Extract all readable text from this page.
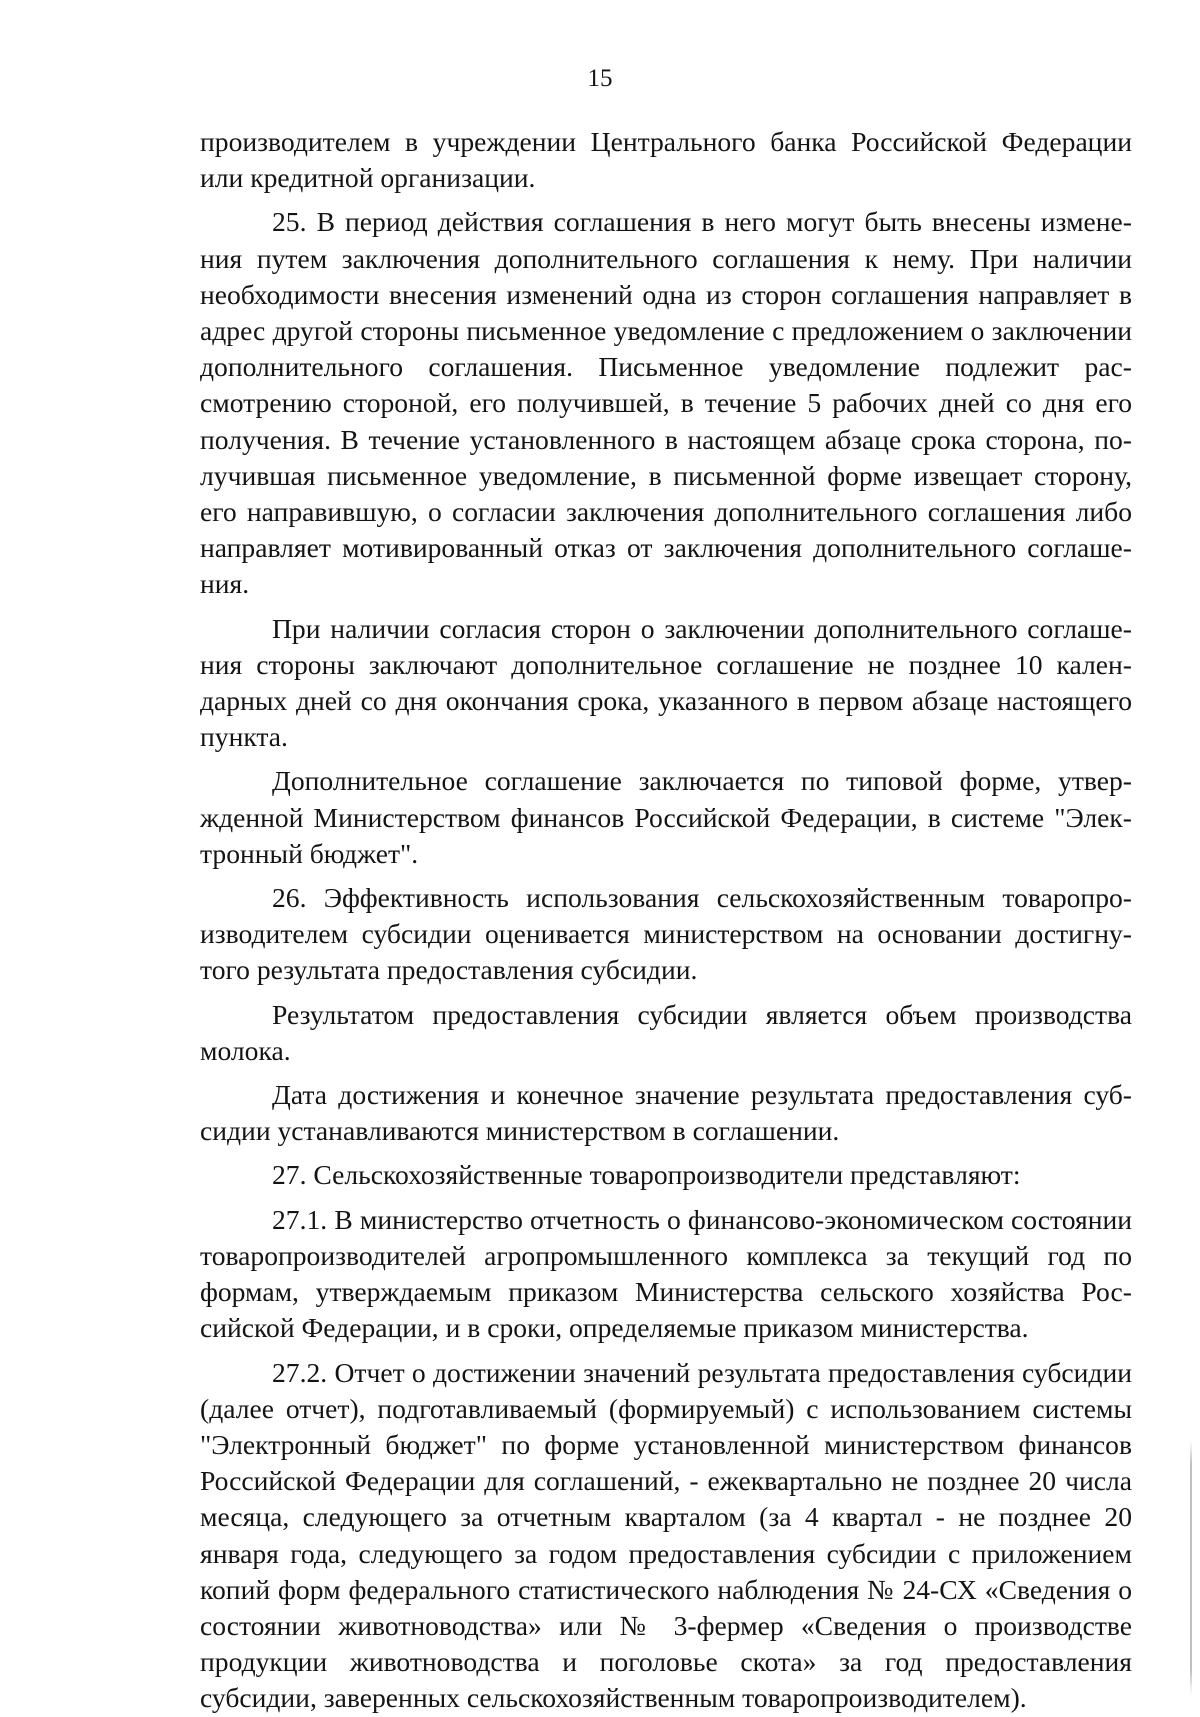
15

производителем в учреждении Центрального банка Российской Федерации или кредитной организации.

25. В период действия соглашения в него могут быть внесены изменения путем заключения дополнительного соглашения к нему. При наличии необходимости внесения изменений одна из сторон соглашения направляет в адрес другой стороны письменное уведомление с предложением о заключении дополнительного соглашения. Письменное уведомление подлежит рассмотрению стороной, его получившей, в течение 5 рабочих дней со дня его получения. В течение установленного в настоящем абзаце срока сторона, получившая письменное уведомление, в письменной форме извещает сторону, его направившую, о согласии заключения дополнительного соглашения либо направляет мотивированный отказ от заключения дополнительного соглашения.

При наличии согласия сторон о заключении дополнительного соглашения стороны заключают дополнительное соглашение не позднее 10 календарных дней со дня окончания срока, указанного в первом абзаце настоящего пункта.

Дополнительное соглашение заключается по типовой форме, утвержденной Министерством финансов Российской Федерации, в системе "Электронный бюджет".

26. Эффективность использования сельскохозяйственным товаропроизводителем субсидии оценивается министерством на основании достигнутого результата предоставления субсидии.

Результатом предоставления субсидии является объем производства молока.

Дата достижения и конечное значение результата предоставления субсидии устанавливаются министерством в соглашении.

27. Сельскохозяйственные товаропроизводители представляют:

27.1. В министерство отчетность о финансово-экономическом состоянии товаропроизводителей агропромышленного комплекса за текущий год по формам, утверждаемым приказом Министерства сельского хозяйства Российской Федерации, и в сроки, определяемые приказом министерства.

27.2. Отчет о достижении значений результата предоставления субсидии (далее отчет), подготавливаемый (формируемый) с использованием системы "Электронный бюджет" по форме установленной министерством финансов Российской Федерации для соглашений, - ежеквартально не позднее 20 числа месяца, следующего за отчетным кварталом (за 4 квартал - не позднее 20 января года, следующего за годом предоставления субсидии с приложением копий форм федерального статистического наблюдения № 24-СХ «Сведения о состоянии животноводства» или № 3-фермер «Сведения о производстве продукции животноводства и поголовье скота» за год предоставления субсидии, заверенных сельскохозяйственным товаропроизводителем).
